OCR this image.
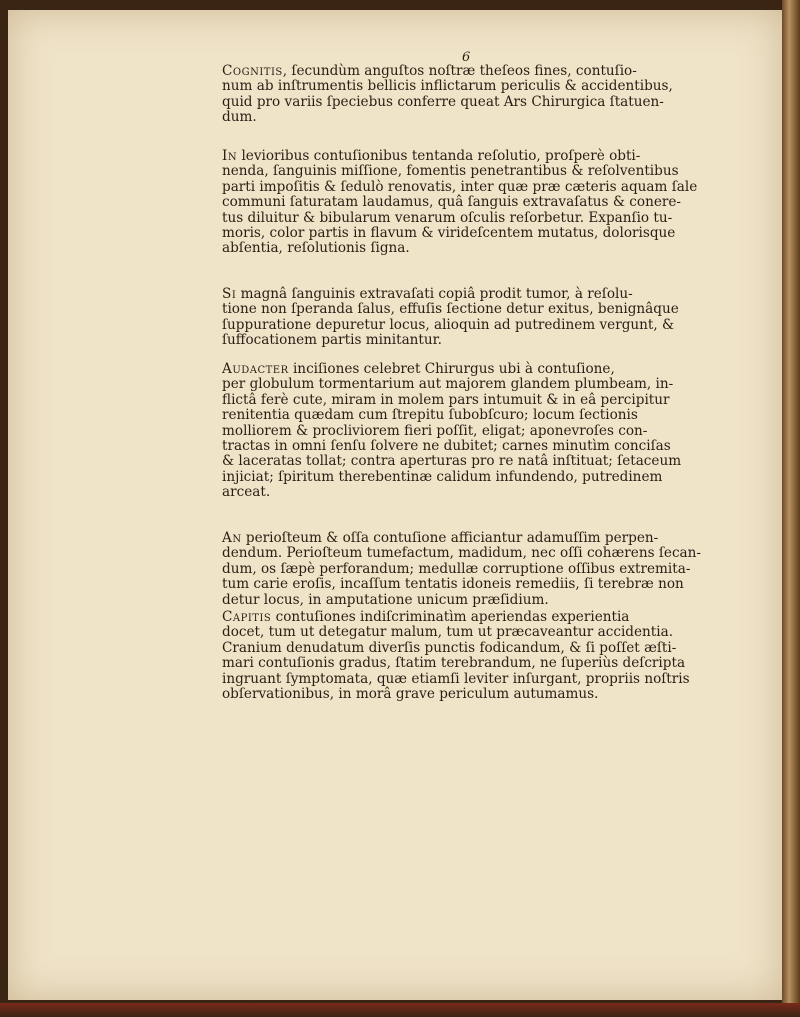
6

Cognitis, ſecundùm anguſtos noſtræ theſeos fines, contuſio-
num ab inſtrumentis bellicis inflictarum periculis & accidentibus,
quid pro variis ſpeciebus conferre queat Ars Chirurgica ſtatuen-
dum.

In levioribus contuſionibus tentanda reſolutio, proſperè obti-
nenda, ſanguinis miſſione, fomentis penetrantibus & reſolventibus
parti impoſitis & ſedulò renovatis, inter quæ præ cæteris aquam ſale
communi ſaturatam laudamus, quâ ſanguis extravaſatus & conere-
tus diluitur & bibularum venarum oſculis reſorbetur. Expanſio tu-
moris, color partis in flavum & virideſcentem mutatus, dolorisque
abſentia, reſolutionis ſigna.

Si magnâ ſanguinis extravaſati copiâ prodit tumor, à reſolu-
tione non ſperanda ſalus, effuſis ſectione detur exitus, benignâque
ſuppuratione depuretur locus, alioquin ad putredinem vergunt, &
ſuffocationem partis minitantur.

Audacter inciſiones celebret Chirurgus ubi à contuſione,
per globulum tormentarium aut majorem glandem plumbeam, in-
flictâ ferè cute, miram in molem pars intumuit & in eâ percipitur
renitentia quædam cum ſtrepitu ſubobſcuro; locum ſectionis
molliorem & procliviorem fieri poſſit, eligat; aponevroſes con-
tractas in omni ſenſu ſolvere ne dubitet; carnes minutìm conciſas
& laceratas tollat; contra aperturas pro re natâ inſtituat; ſetaceum
injiciat; ſpiritum therebentinæ calidum infundendo, putredinem
arceat.

An perioſteum & oſſa contuſione afficiantur adamuſſim perpen-
dendum. Perioſteum tumefactum, madidum, nec oſſi cohærens ſecan-
dum, os ſæpè perforandum; medullæ corruptione oſſibus extremita-
tum carie eroſis, incaſſum tentatis idoneis remediis, ſi terebræ non
detur locus, in amputatione unicum præſidium.

Capitis contuſiones indiſcriminatìm aperiendas experientia
docet, tum ut detegatur malum, tum ut præcaveantur accidentia.
Cranium denudatum diverſis punctis fodicandum, & ſi poſſet æſti-
mari contuſionis gradus, ſtatim terebrandum, ne ſuperiùs deſcripta
ingruant ſymptomata, quæ etiamſi leviter inſurgant, propriis noſtris
obſervationibus, in morâ grave periculum autumamus.
